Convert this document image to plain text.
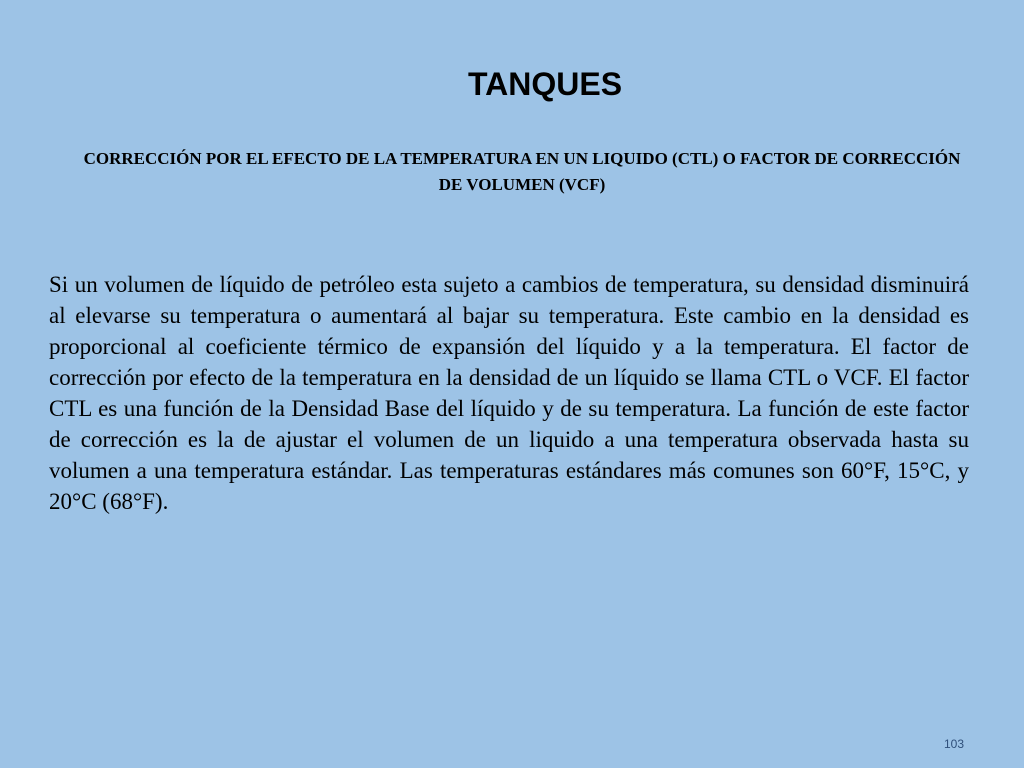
TANQUES

CORRECCIÓN POR EL EFECTO DE LA TEMPERATURA EN UN LIQUIDO (CTL) O FACTOR DE CORRECCIÓN DE VOLUMEN (VCF)

Si un volumen de líquido de petróleo esta sujeto a cambios de temperatura, su densidad disminuirá al elevarse su temperatura o aumentará al bajar su temperatura. Este cambio en la densidad es proporcional al coeficiente térmico de expansión del líquido y a la temperatura. El factor de corrección por efecto de la temperatura en la densidad de un líquido se llama CTL o VCF. El factor CTL es una función de la Densidad Base del líquido y de su temperatura. La función de este factor de corrección es la de ajustar el volumen de un liquido a una temperatura observada hasta su volumen a una temperatura estándar. Las temperaturas estándares más comunes son 60°F, 15°C, y 20°C (68°F).

103
